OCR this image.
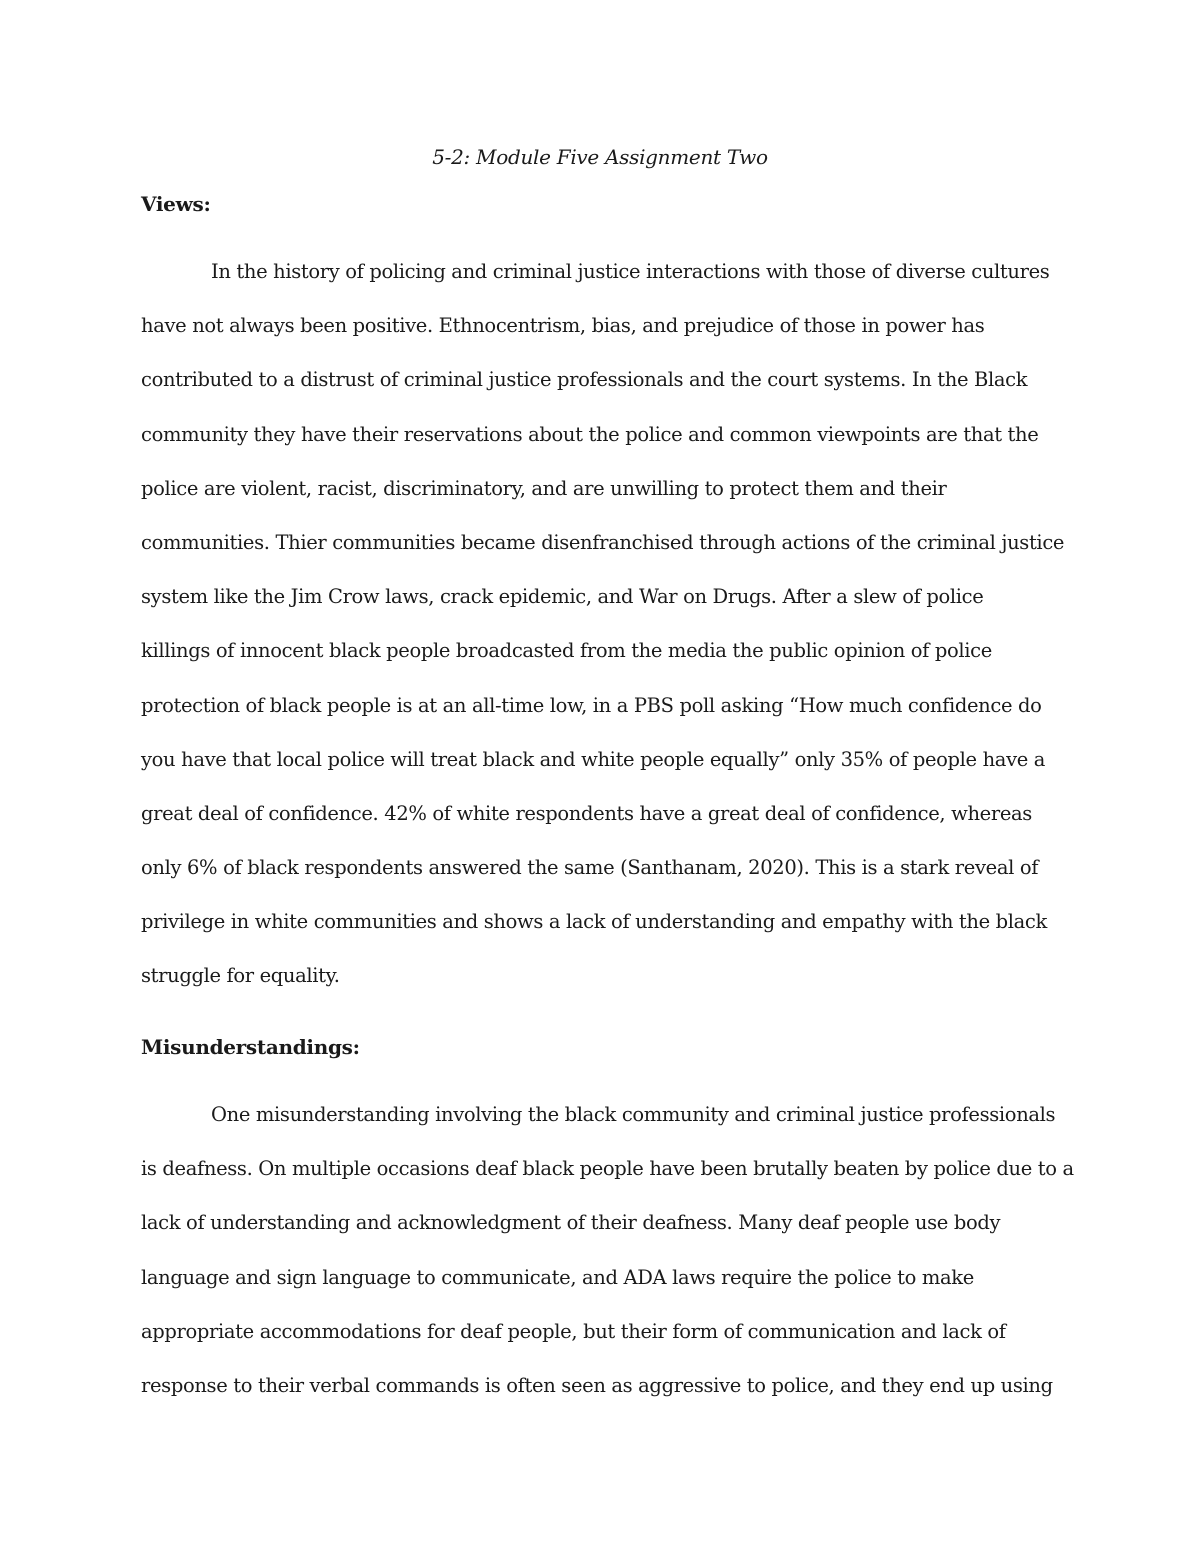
5-2: Module Five Assignment Two
Views:
In the history of policing and criminal justice interactions with those of diverse cultures
have not always been positive. Ethnocentrism, bias, and prejudice of those in power has
contributed to a distrust of criminal justice professionals and the court systems. In the Black
community they have their reservations about the police and common viewpoints are that the
police are violent, racist, discriminatory, and are unwilling to protect them and their
communities. Thier communities became disenfranchised through actions of the criminal justice
system like the Jim Crow laws, crack epidemic, and War on Drugs. After a slew of police
killings of innocent black people broadcasted from the media the public opinion of police
protection of black people is at an all-time low, in a PBS poll asking “How much confidence do
you have that local police will treat black and white people equally” only 35% of people have a
great deal of confidence. 42% of white respondents have a great deal of confidence, whereas
only 6% of black respondents answered the same (Santhanam, 2020). This is a stark reveal of
privilege in white communities and shows a lack of understanding and empathy with the black
struggle for equality.
Misunderstandings:
One misunderstanding involving the black community and criminal justice professionals
is deafness. On multiple occasions deaf black people have been brutally beaten by police due to a
lack of understanding and acknowledgment of their deafness. Many deaf people use body
language and sign language to communicate, and ADA laws require the police to make
appropriate accommodations for deaf people, but their form of communication and lack of
response to their verbal commands is often seen as aggressive to police, and they end up using
